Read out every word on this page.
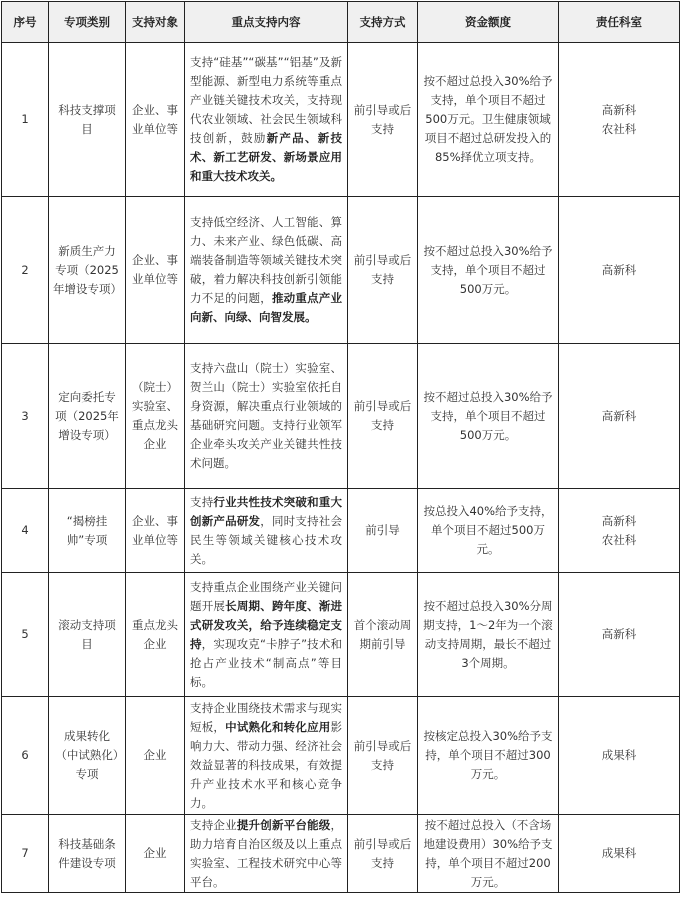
序号	专项类别	支持对象	重点支持内容	支持方式	资金额度	责任科室
1	科技支撑项目	企业、事业单位等	支持“硅基”“碳基”“铝基”及新型能源、新型电力系统等重点产业链关键技术攻关，支持现代农业领域、社会民生领域科技创新，鼓励新产品、新技术、新工艺研发、新场景应用和重大技术攻关。	前引导或后支持	按不超过总投入30%给予支持，单个项目不超过500万元。卫生健康领域项目不超过总研发投入的85%择优立项支持。	高新科
农社科

2	新质生产力专项（2025年增设专项）	企业、事业单位等	支持低空经济、人工智能、算力、未来产业、绿色低碳、高端装备制造等领域关键技术突破，着力解决科技创新引领能力不足的问题，推动重点产业向新、向绿、向智发展。	前引导或后支持	按不超过总投入30%给予支持，单个项目不超过500万元。	高新科

3	定向委托专项（2025年增设专项）	（院士）实验室、重点龙头企业	支持六盘山（院士）实验室、贺兰山（院士）实验室依托自身资源，解决重点行业领域的基础研究问题。支持行业领军企业牵头攻关产业关键共性技术问题。	前引导或后支持	按不超过总投入30%给予支持，单个项目不超过500万元。	高新科

4	“揭榜挂帅”专项	企业、事业单位等	支持行业共性技术突破和重大创新产品研发，同时支持社会民生等领域关键核心技术攻关。	前引导	按总投入40%给予支持，单个项目不超过500万元。	高新科
农社科

5	滚动支持项目	重点龙头企业	支持重点企业围绕产业关键问题开展长周期、跨年度、渐进式研发攻关，给予连续稳定支持，实现攻克“卡脖子”技术和抢占产业技术“制高点”等目标。	首个滚动周期前引导	按不超过总投入30%分周期支持，1～2年为一个滚动支持周期，最长不超过3个周期。	高新科

6	成果转化（中试熟化）专项	企业	支持企业围绕技术需求与现实短板，中试熟化和转化应用影响力大、带动力强、经济社会效益显著的科技成果，有效提升产业技术水平和核心竞争力。	前引导或后支持	按核定总投入30%给予支持，单个项目不超过300万元。	成果科

7	科技基础条件建设专项	企业	支持企业提升创新平台能级，助力培育自治区级及以上重点实验室、工程技术研究中心等平台。	前引导或后支持	按不超过总投入（不含场地建设费用）30%给予支持，单个项目不超过200万元。	成果科
